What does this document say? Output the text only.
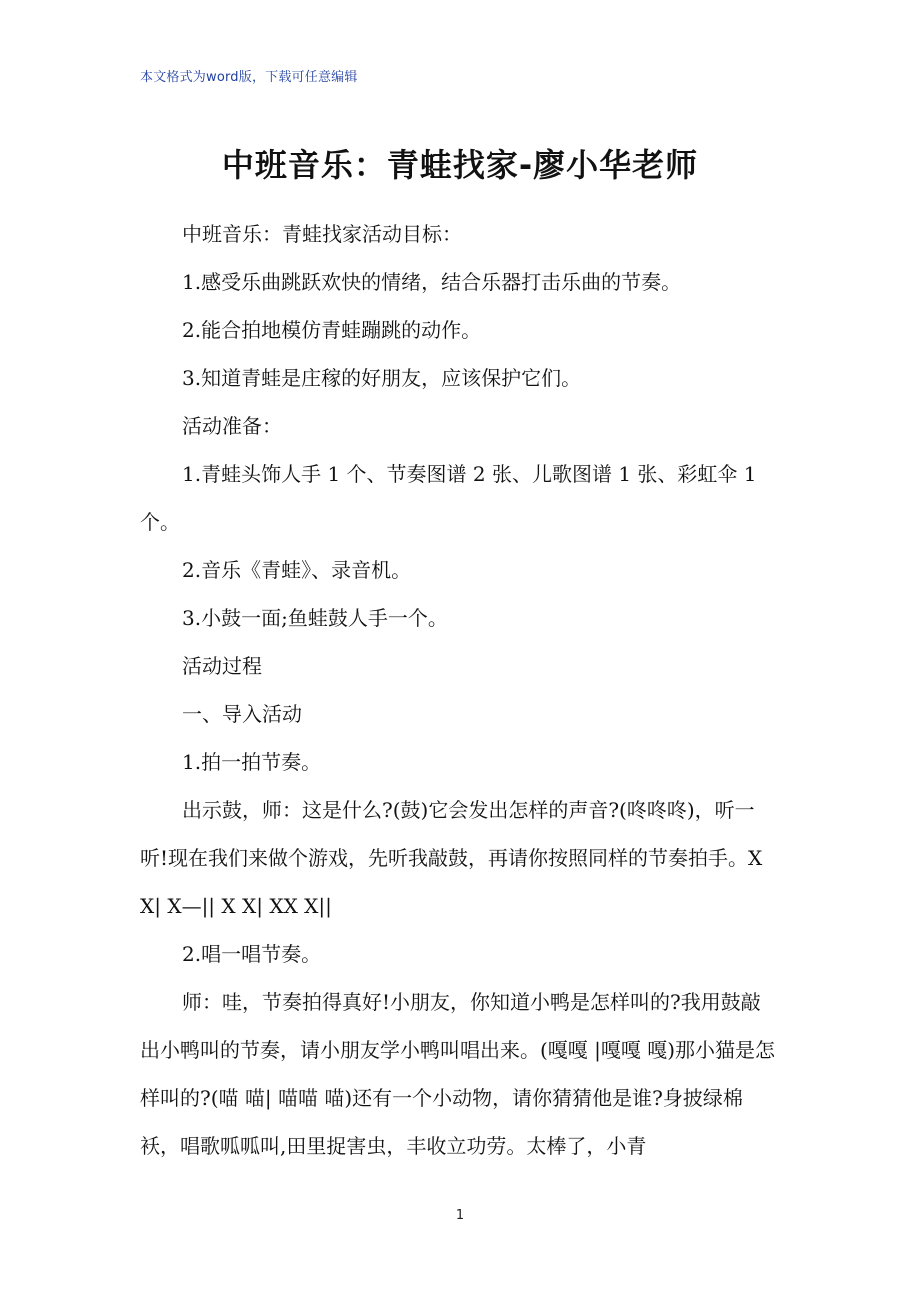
本文格式为word版，下载可任意编辑
中班音乐：青蛙找家-廖小华老师

中班音乐：青蛙找家活动目标：

1.感受乐曲跳跃欢快的情绪，结合乐器打击乐曲的节奏。

2.能合拍地模仿青蛙蹦跳的动作。

3.知道青蛙是庄稼的好朋友，应该保护它们。

活动准备：

1.青蛙头饰人手 1 个、节奏图谱 2 张、儿歌图谱 1 张、彩虹伞 1 个。

2.音乐《青蛙》、录音机。

3.小鼓一面;鱼蛙鼓人手一个。

活动过程

一、导入活动

1.拍一拍节奏。

出示鼓，师：这是什么?(鼓)它会发出怎样的声音?(咚咚咚)，听一听!现在我们来做个游戏，先听我敲鼓，再请你按照同样的节奏拍手。X X| X—|| X X| XX X||

2.唱一唱节奏。

师：哇，节奏拍得真好!小朋友，你知道小鸭是怎样叫的?我用鼓敲出小鸭叫的节奏，请小朋友学小鸭叫唱出来。(嘎嘎 |嘎嘎 嘎)那小猫是怎样叫的?(喵 喵| 喵喵 喵)还有一个小动物，请你猜猜他是谁?身披绿棉袄，唱歌呱呱叫,田里捉害虫，丰收立功劳。太棒了，小青

1
